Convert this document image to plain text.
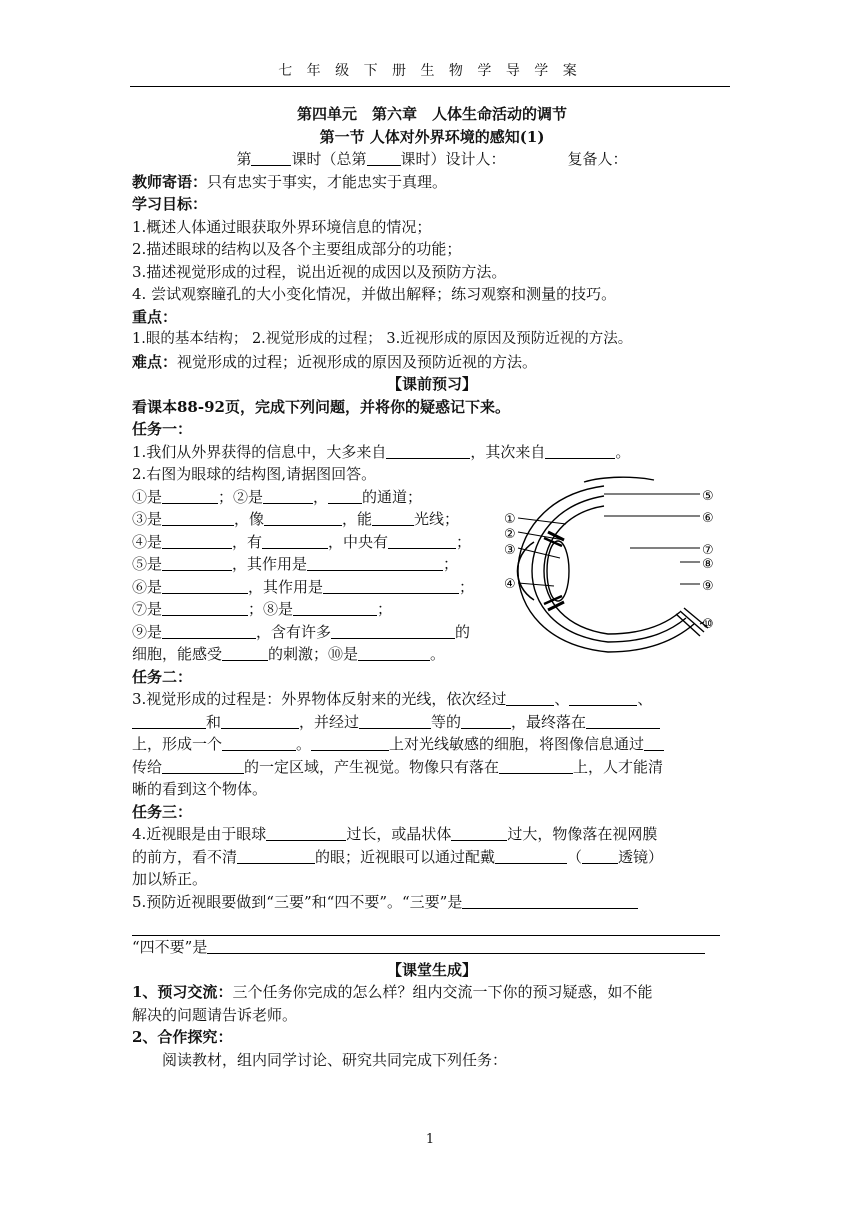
七 年 级 下 册 生 物 学 导 学 案
第四单元　第六章　人体生命活动的调节
第一节 人体对外界环境的感知(1)
第	课时（总第 课时）设计人：	复备人：
教师寄语：只有忠实于事实，才能忠实于真理。
学习目标：
1.概述人体通过眼获取外界环境信息的情况；
2.描述眼球的结构以及各个主要组成部分的功能；
3.描述视觉形成的过程，说出近视的成因以及预防方法。
4. 尝试观察瞳孔的大小变化情况，并做出解释；练习观察和测量的技巧。
重点：
1.眼的基本结构； 2.视觉形成的过程； 3.近视形成的原因及预防近视的方法。
难点：视觉形成的过程；近视形成的原因及预防近视的方法。
【课前预习】
看课本88-92页，完成下列问题，并将你的疑惑记下来。
任务一：
1.我们从外界获得的信息中，大多来自	，其次来自	。
2.右图为眼球的结构图,请据图回答。
①是	；②是	， 的通道；
③是	，像	，能	光线；
④是	，有	，中央有	；
⑤是	，其作用是	；
⑥是	，其作用是	；
⑦是	；⑧是	；
⑨是	，含有许多	的
细胞，能感受	的刺激；⑩是	。
任务二：
3.视觉形成的过程是：外界物体反射来的光线，依次经过	、	、
和	，并经过	等的	，最终落在
上，形成一个	。	上对光线敏感的细胞，将图像信息通过
传给	的一定区域，产生视觉。物像只有落在	上，人才能清
晰的看到这个物体。
任务三：
4.近视眼是由于眼球	过长，或晶状体	过大，物像落在视网膜
的前方，看不清	的眼；近视眼可以通过配戴	（ 透镜）
加以矫正。
5.预防近视眼要做到“三要”和“四不要”。“三要”是
“四不要”是
【课堂生成】
1、预习交流：三个任务你完成的怎么样？组内交流一下你的预习疑惑，如不能
解决的问题请告诉老师。
2、合作探究：
阅读教材，组内同学讨论、研究共同完成下列任务：
①
②
③
④
⑤
⑥
⑦
⑧
⑨
⑩
1
